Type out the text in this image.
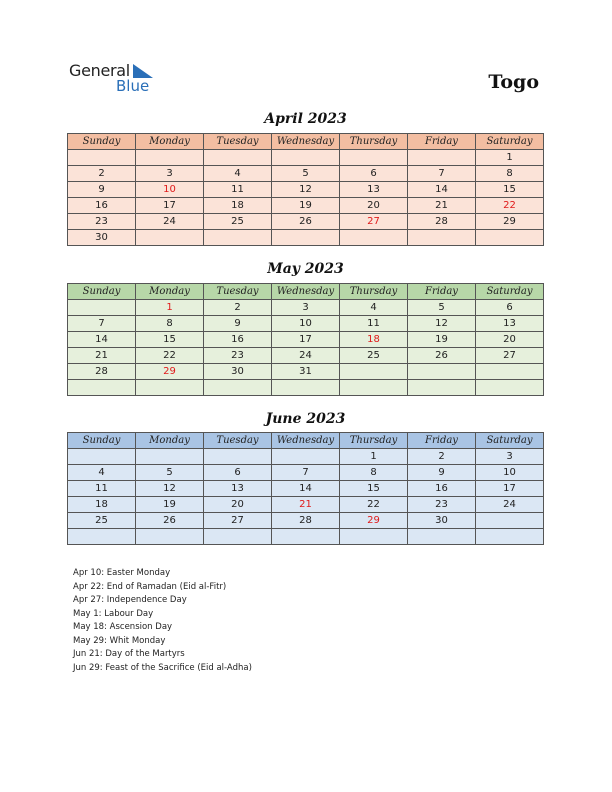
General
Blue	Togo
April 2023
Sunday	Monday	Tuesday	Wednesday	Thursday	Friday	Saturday
						1
2	3	4	5	6	7	8
9	10	11	12	13	14	15
16	17	18	19	20	21	22
23	24	25	26	27	28	29
30						
May 2023
Sunday	Monday	Tuesday	Wednesday	Thursday	Friday	Saturday
	1	2	3	4	5	6
7	8	9	10	11	12	13
14	15	16	17	18	19	20
21	22	23	24	25	26	27
28	29	30	31			

June 2023
Sunday	Monday	Tuesday	Wednesday	Thursday	Friday	Saturday
				1	2	3
4	5	6	7	8	9	10
11	12	13	14	15	16	17
18	19	20	21	22	23	24
25	26	27	28	29	30	

Apr 10: Easter Monday
Apr 22: End of Ramadan (Eid al-Fitr)
Apr 27: Independence Day
May 1: Labour Day
May 18: Ascension Day
May 29: Whit Monday
Jun 21: Day of the Martyrs
Jun 29: Feast of the Sacrifice (Eid al-Adha)
